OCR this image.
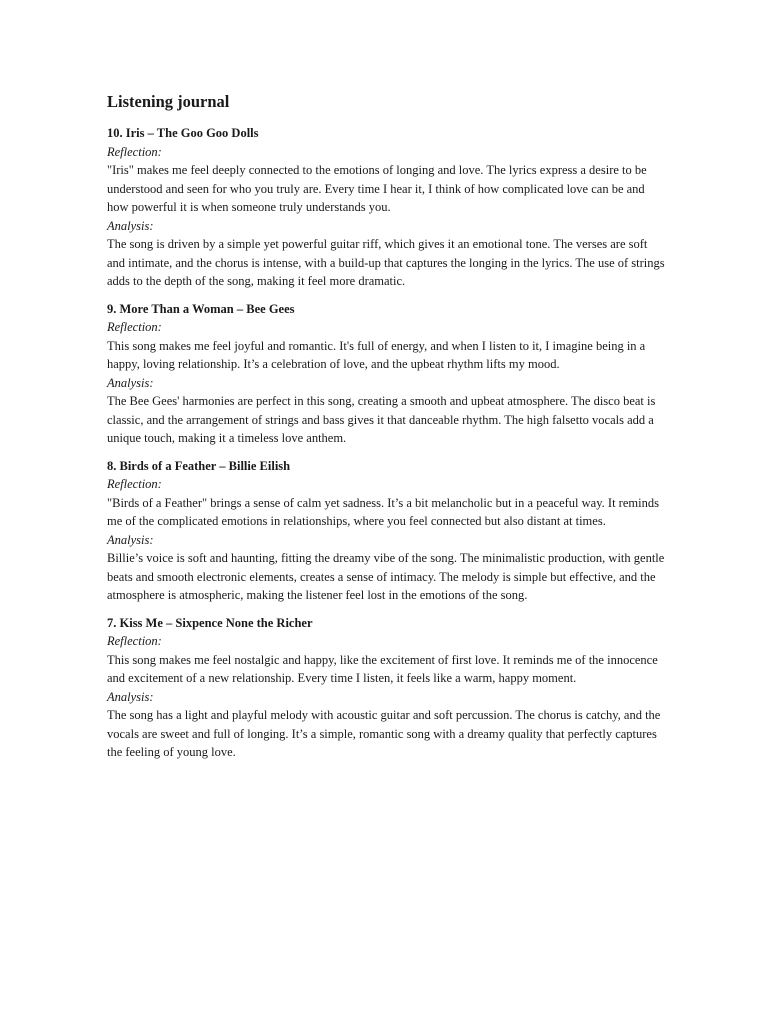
Listening journal

10. Iris – The Goo Goo Dolls

Reflection:

"Iris" makes me feel deeply connected to the emotions of longing and love. The lyrics express a desire to be understood and seen for who you truly are. Every time I hear it, I think of how complicated love can be and how powerful it is when someone truly understands you.

Analysis:

The song is driven by a simple yet powerful guitar riff, which gives it an emotional tone. The verses are soft and intimate, and the chorus is intense, with a build-up that captures the longing in the lyrics. The use of strings adds to the depth of the song, making it feel more dramatic.

9. More Than a Woman – Bee Gees

Reflection:

This song makes me feel joyful and romantic. It's full of energy, and when I listen to it, I imagine being in a happy, loving relationship. It’s a celebration of love, and the upbeat rhythm lifts my mood.

Analysis:

The Bee Gees' harmonies are perfect in this song, creating a smooth and upbeat atmosphere. The disco beat is classic, and the arrangement of strings and bass gives it that danceable rhythm. The high falsetto vocals add a unique touch, making it a timeless love anthem.

8. Birds of a Feather – Billie Eilish

Reflection:

"Birds of a Feather" brings a sense of calm yet sadness. It’s a bit melancholic but in a peaceful way. It reminds me of the complicated emotions in relationships, where you feel connected but also distant at times.

Analysis:

Billie’s voice is soft and haunting, fitting the dreamy vibe of the song. The minimalistic production, with gentle beats and smooth electronic elements, creates a sense of intimacy. The melody is simple but effective, and the atmosphere is atmospheric, making the listener feel lost in the emotions of the song.

7. Kiss Me – Sixpence None the Richer

Reflection:

This song makes me feel nostalgic and happy, like the excitement of first love. It reminds me of the innocence and excitement of a new relationship. Every time I listen, it feels like a warm, happy moment.

Analysis:

The song has a light and playful melody with acoustic guitar and soft percussion. The chorus is catchy, and the vocals are sweet and full of longing. It’s a simple, romantic song with a dreamy quality that perfectly captures the feeling of young love.
